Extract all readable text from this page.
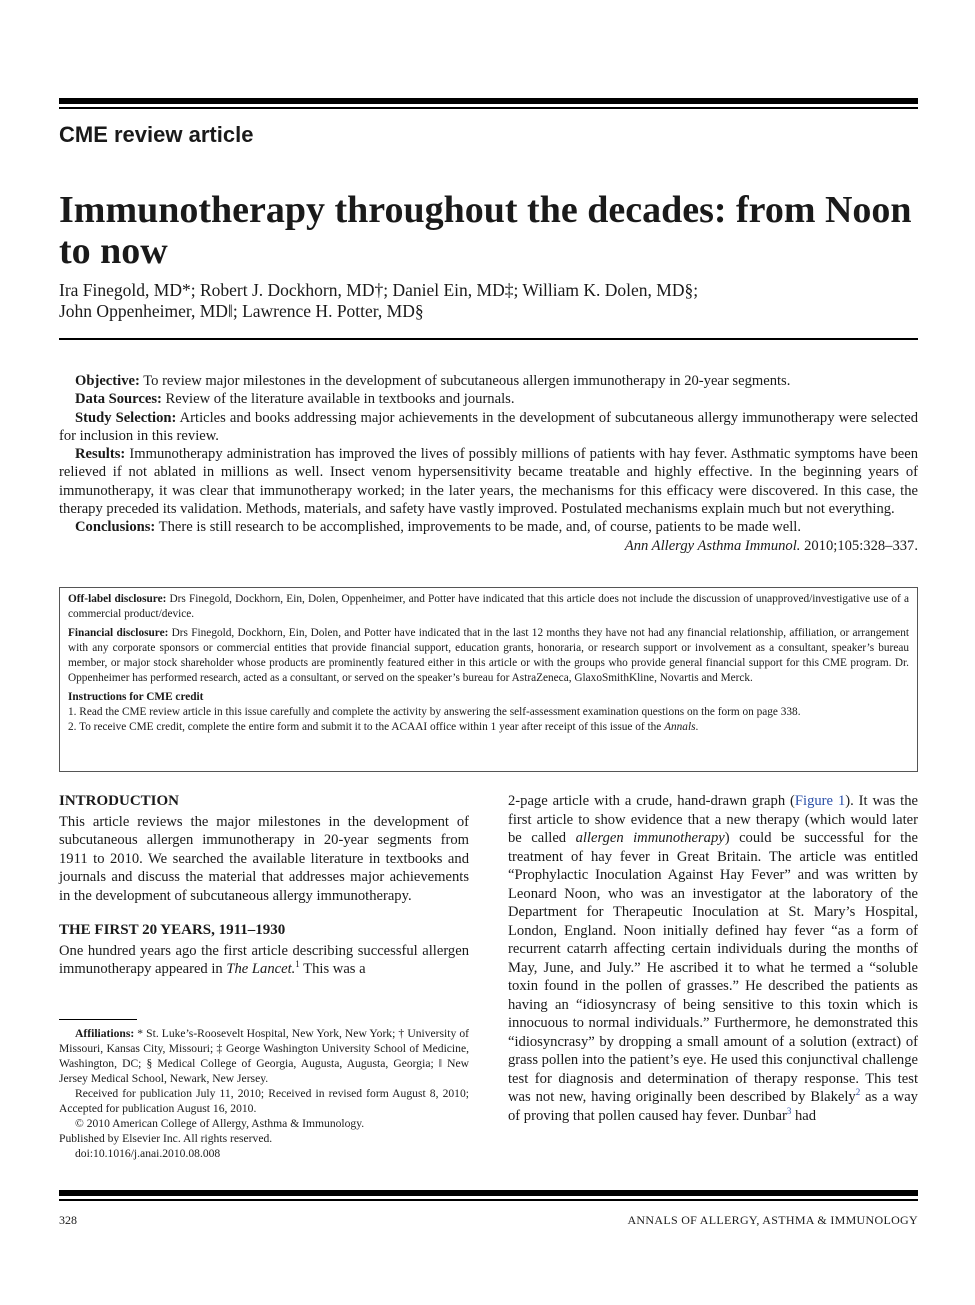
CME review article
Immunotherapy throughout the decades: from Noon to now
Ira Finegold, MD*; Robert J. Dockhorn, MD†; Daniel Ein, MD‡; William K. Dolen, MD§;
John Oppenheimer, MD‖; Lawrence H. Potter, MD§

Objective: To review major milestones in the development of subcutaneous allergen immunotherapy in 20-year segments.

Data Sources: Review of the literature available in textbooks and journals.

Study Selection: Articles and books addressing major achievements in the development of subcutaneous allergy immunotherapy were selected for inclusion in this review.

Results: Immunotherapy administration has improved the lives of possibly millions of patients with hay fever. Asthmatic symptoms have been relieved if not ablated in millions as well. Insect venom hypersensitivity became treatable and highly effective. In the beginning years of immunotherapy, it was clear that immunotherapy worked; in the later years, the mechanisms for this efficacy were discovered. In this case, the therapy preceded its validation. Methods, materials, and safety have vastly improved. Postulated mechanisms explain much but not everything.

Conclusions: There is still research to be accomplished, improvements to be made, and, of course, patients to be made well.

Ann Allergy Asthma Immunol. 2010;105:328–337.

Off-label disclosure: Drs Finegold, Dockhorn, Ein, Dolen, Oppenheimer, and Potter have indicated that this article does not include the discussion of unapproved/investigative use of a commercial product/device.

Financial disclosure: Drs Finegold, Dockhorn, Ein, Dolen, and Potter have indicated that in the last 12 months they have not had any financial relationship, affiliation, or arrangement with any corporate sponsors or commercial entities that provide financial support, education grants, honoraria, or research support or involvement as a consultant, speaker’s bureau member, or major stock shareholder whose products are prominently featured either in this article or with the groups who provide general financial support for this CME program. Dr. Oppenheimer has performed research, acted as a consultant, or served on the speaker’s bureau for AstraZeneca, GlaxoSmithKline, Novartis and Merck.

Instructions for CME credit

1. Read the CME review article in this issue carefully and complete the activity by answering the self-assessment examination questions on the form on page 338.

2. To receive CME credit, complete the entire form and submit it to the ACAAI office within 1 year after receipt of this issue of the Annals.

INTRODUCTION

This article reviews the major milestones in the development of subcutaneous allergen immunotherapy in 20-year segments from 1911 to 2010. We searched the available literature in textbooks and journals and discuss the material that addresses major achievements in the development of subcutaneous allergy immunotherapy.

THE FIRST 20 YEARS, 1911–1930

One hundred years ago the first article describing successful allergen immunotherapy appeared in The Lancet.$^1$ This was a

Affiliations: * St. Luke’s-Roosevelt Hospital, New York, New York; † University of Missouri, Kansas City, Missouri; ‡ George Washington University School of Medicine, Washington, DC; § Medical College of Georgia, Augusta, Augusta, Georgia; ‖ New Jersey Medical School, Newark, New Jersey.

Received for publication July 11, 2010; Received in revised form August 8, 2010; Accepted for publication August 16, 2010.

© 2010 American College of Allergy, Asthma & Immunology.

Published by Elsevier Inc. All rights reserved.

doi:10.1016/j.anai.2010.08.008

2-page article with a crude, hand-drawn graph (Figure 1). It was the first article to show evidence that a new therapy (which would later be called allergen immunotherapy) could be successful for the treatment of hay fever in Great Britain. The article was entitled “Prophylactic Inoculation Against Hay Fever” and was written by Leonard Noon, who was an investigator at the laboratory of the Department for Therapeutic Inoculation at St. Mary’s Hospital, London, England. Noon initially defined hay fever “as a form of recurrent catarrh affecting certain individuals during the months of May, June, and July.” He ascribed it to what he termed a “soluble toxin found in the pollen of grasses.” He described the patients as having an “idiosyncrasy of being sensitive to this toxin which is innocuous to normal individuals.” Furthermore, he demonstrated this “idiosyncrasy” by dropping a small amount of a solution (extract) of grass pollen into the patient’s eye. He used this conjunctival challenge test for diagnosis and determination of therapy response. This test was not new, having originally been described by Blakely$^2$ as a way of proving that pollen caused hay fever. Dunbar$^3$ had

328	ANNALS OF ALLERGY, ASTHMA & IMMUNOLOGY
